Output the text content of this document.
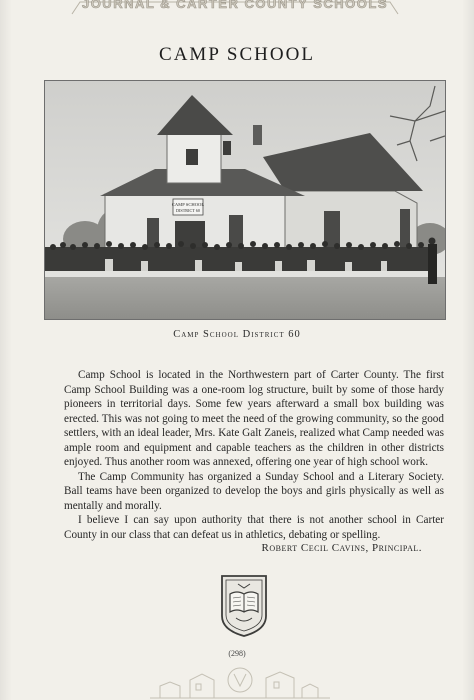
JOURNAL & CARTER COUNTY SCHOOLS
CAMP SCHOOL
CAMP SCHOOL
DISTRICT 60
· · · · ·
Camp School District 60

Camp School is located in the Northwestern part of Carter County. The first Camp School Building was a one-room log structure, built by some of those hardy pioneers in territorial days. Some few years afterward a small box building was erected. This was not going to meet the need of the growing community, so the good settlers, with an ideal leader, Mrs. Kate Galt Zaneis, realized what Camp needed was ample room and equipment and capable teachers as the children in other districts enjoyed. Thus another room was annexed, offering one year of high school work.

The Camp Community has organized a Sunday School and a Literary Society. Ball teams have been organized to develop the boys and girls physically as well as mentally and morally.

I believe I can say upon authority that there is not another school in Carter County in our class that can defeat us in athletics, debating or spelling.

Robert Cecil Cavins, Principal.
(298)
